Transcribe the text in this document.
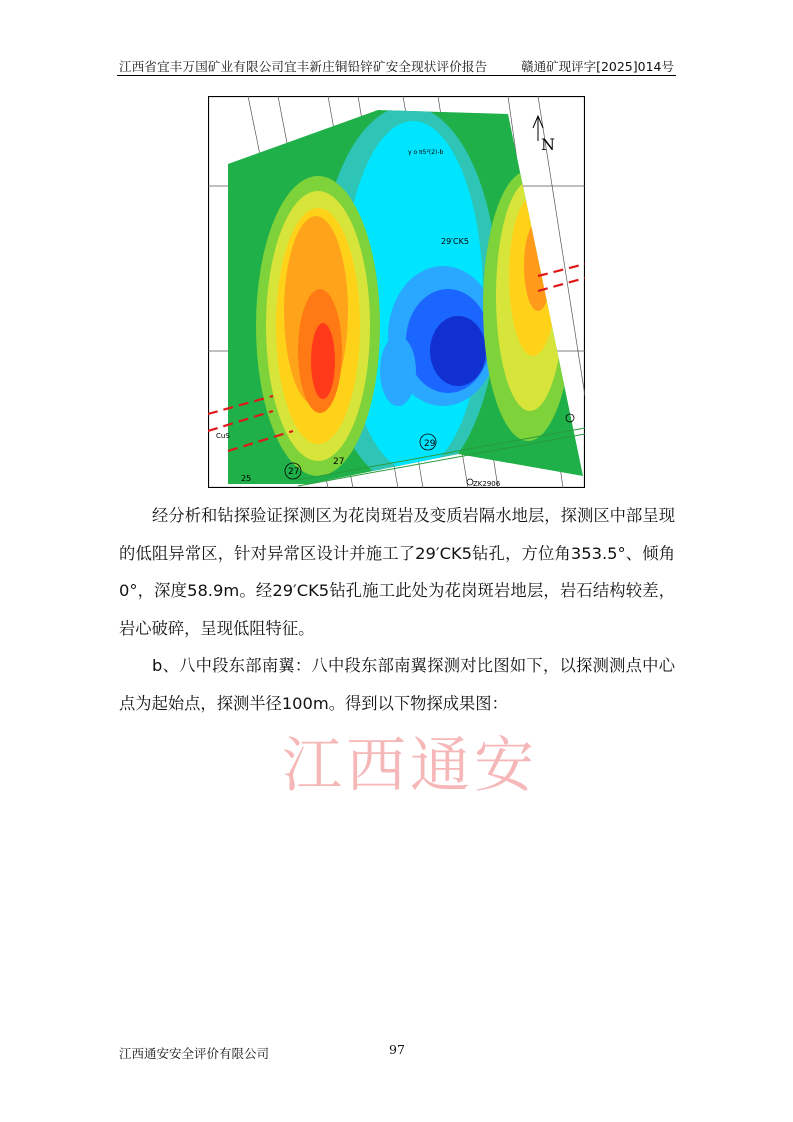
江西省宜丰万国矿业有限公司宜丰新庄铜铅锌矿安全现状评价报告	赣通矿现评字[2025]014号
N
29′CK5
γ o π5²(2)-b
ZK2906
27
27
29
25
CuS

经分析和钻探验证探测区为花岗斑岩及变质岩隔水地层，探测区中部呈现的低阻异常区，针对异常区设计并施工了29′CK5钻孔，方位角353.5°、倾角0°，深度58.9m。经29′CK5钻孔施工此处为花岗斑岩地层，岩石结构较差，岩心破碎，呈现低阻特征。

b、八中段东部南翼：八中段东部南翼探测对比图如下，以探测测点中心点为起始点，探测半径100m。得到以下物探成果图：

江西通安
江西通安安全评价有限公司	97
